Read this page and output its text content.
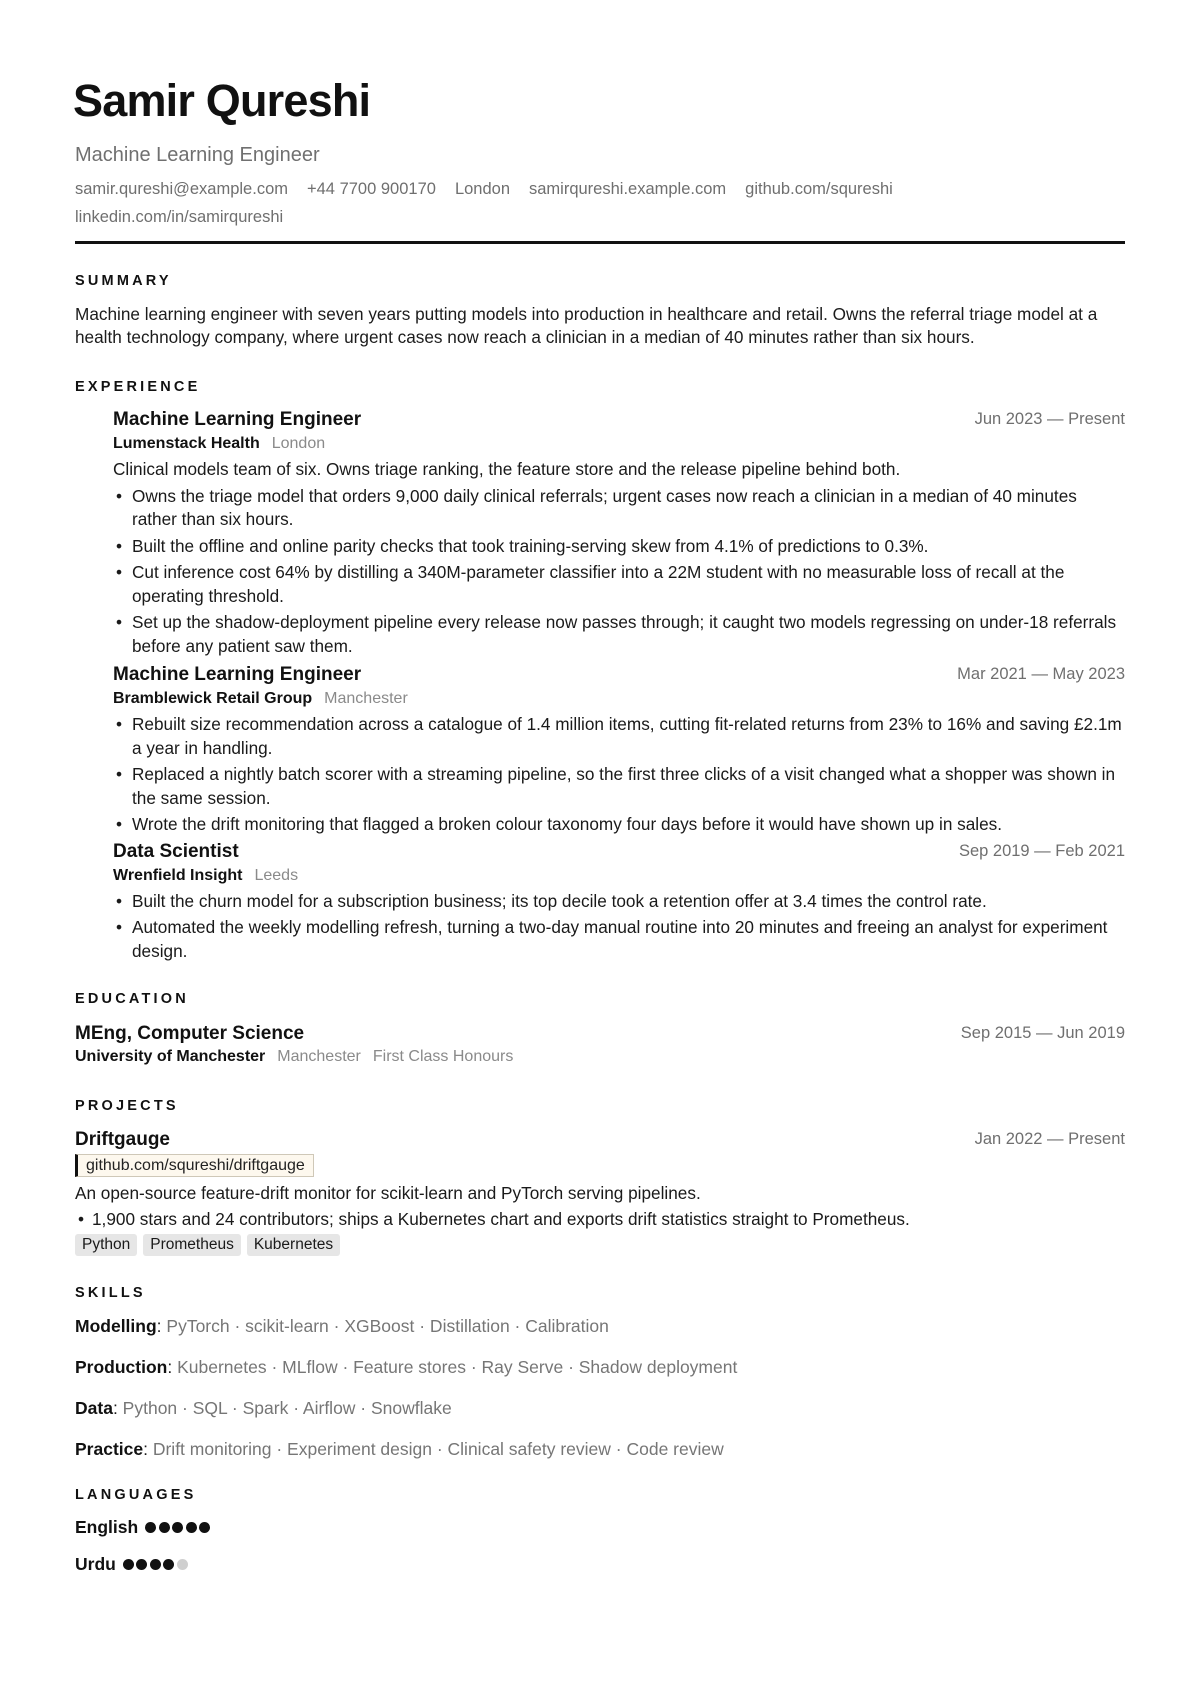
Samir Qureshi
Machine Learning Engineer
samir.qureshi@example.com +44 7700 900170 London samirqureshi.example.com github.com/squreshi
linkedin.com/in/samirqureshi
SUMMARY
Machine learning engineer with seven years putting models into production in healthcare and retail. Owns the referral triage model at a health technology company, where urgent cases now reach a clinician in a median of 40 minutes rather than six hours.
EXPERIENCE
Machine Learning Engineer	Jun 2023 — Present
Lumenstack Health London
Clinical models team of six. Owns triage ranking, the feature store and the release pipeline behind both.
• Owns the triage model that orders 9,000 daily clinical referrals; urgent cases now reach a clinician in a median of 40 minutes rather than six hours.
• Built the offline and online parity checks that took training-serving skew from 4.1% of predictions to 0.3%.
• Cut inference cost 64% by distilling a 340M-parameter classifier into a 22M student with no measurable loss of recall at the operating threshold.
• Set up the shadow-deployment pipeline every release now passes through; it caught two models regressing on under-18 referrals before any patient saw them.
Machine Learning Engineer	Mar 2021 — May 2023
Bramblewick Retail Group Manchester
• Rebuilt size recommendation across a catalogue of 1.4 million items, cutting fit-related returns from 23% to 16% and saving £2.1m a year in handling.
• Replaced a nightly batch scorer with a streaming pipeline, so the first three clicks of a visit changed what a shopper was shown in the same session.
• Wrote the drift monitoring that flagged a broken colour taxonomy four days before it would have shown up in sales.
Data Scientist	Sep 2019 — Feb 2021
Wrenfield Insight Leeds
• Built the churn model for a subscription business; its top decile took a retention offer at 3.4 times the control rate.
• Automated the weekly modelling refresh, turning a two-day manual routine into 20 minutes and freeing an analyst for experiment design.
EDUCATION
MEng, Computer Science	Sep 2015 — Jun 2019
University of Manchester Manchester First Class Honours
PROJECTS
Driftgauge	Jan 2022 — Present
github.com/squreshi/driftgauge
An open-source feature-drift monitor for scikit-learn and PyTorch serving pipelines.
• 1,900 stars and 24 contributors; ships a Kubernetes chart and exports drift statistics straight to Prometheus.
Python	Prometheus	Kubernetes
SKILLS
Modelling: PyTorch · scikit-learn · XGBoost · Distillation · Calibration
Production: Kubernetes · MLflow · Feature stores · Ray Serve · Shadow deployment
Data: Python · SQL · Spark · Airflow · Snowflake
Practice: Drift monitoring · Experiment design · Clinical safety review · Code review
LANGUAGES
English
Urdu
